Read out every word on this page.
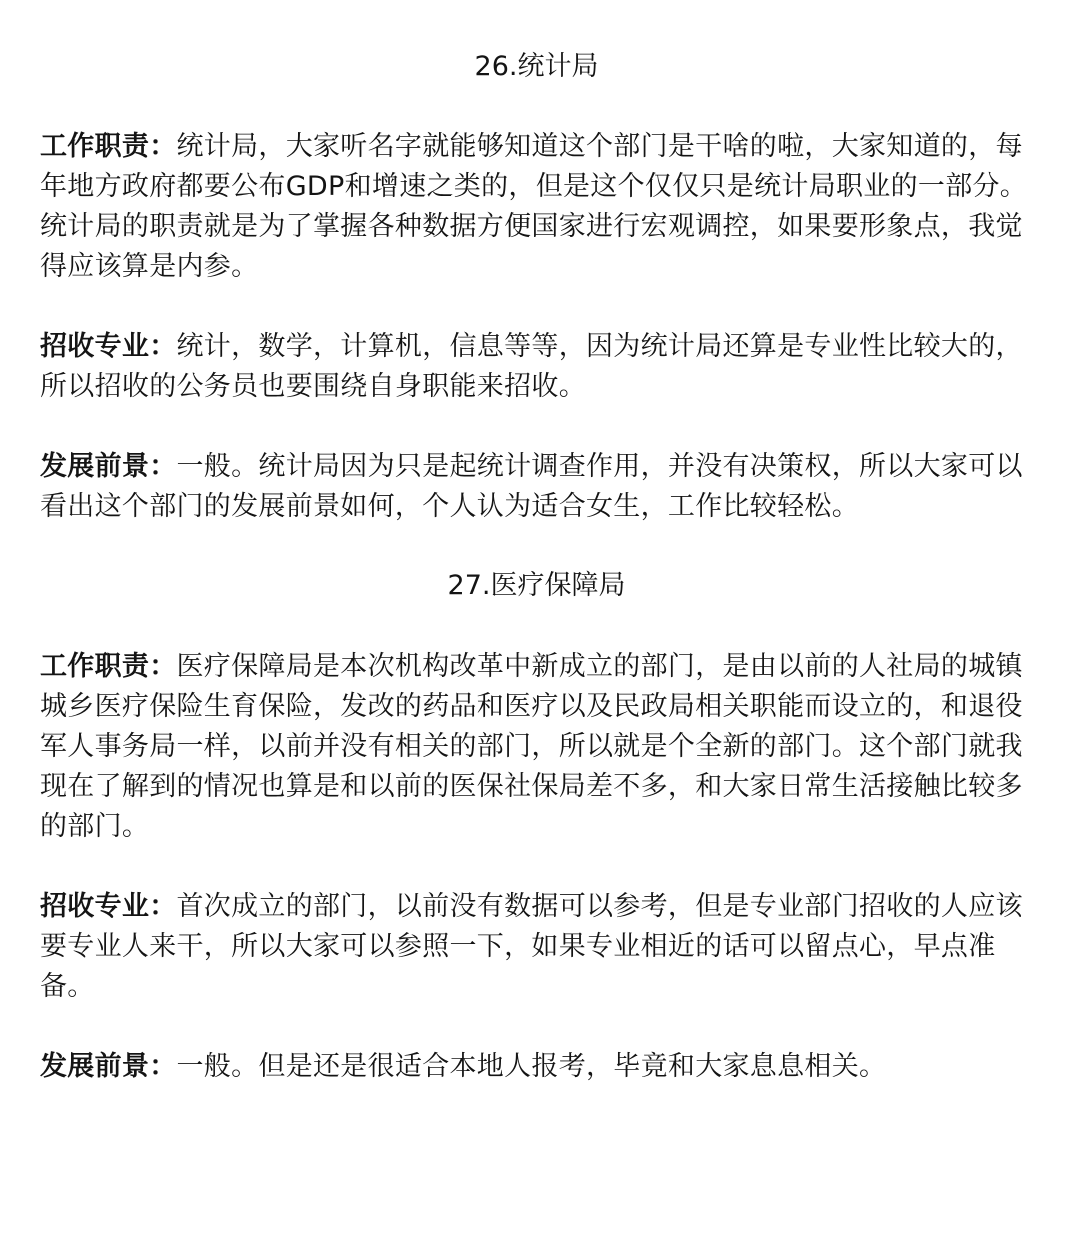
26.统计局

工作职责：统计局，大家听名字就能够知道这个部门是干啥的啦，大家知道的，每年地方政府都要公布GDP和增速之类的，但是这个仅仅只是统计局职业的一部分。统计局的职责就是为了掌握各种数据方便国家进行宏观调控，如果要形象点，我觉得应该算是内参。

招收专业：统计，数学，计算机，信息等等，因为统计局还算是专业性比较大的，所以招收的公务员也要围绕自身职能来招收。

发展前景：一般。统计局因为只是起统计调查作用，并没有决策权，所以大家可以看出这个部门的发展前景如何，个人认为适合女生，工作比较轻松。

27.医疗保障局

工作职责：医疗保障局是本次机构改革中新成立的部门，是由以前的人社局的城镇城乡医疗保险生育保险，发改的药品和医疗以及民政局相关职能而设立的，和退役军人事务局一样，以前并没有相关的部门，所以就是个全新的部门。这个部门就我现在了解到的情况也算是和以前的医保社保局差不多，和大家日常生活接触比较多的部门。

招收专业：首次成立的部门，以前没有数据可以参考，但是专业部门招收的人应该要专业人来干，所以大家可以参照一下，如果专业相近的话可以留点心，早点准备。

发展前景：一般。但是还是很适合本地人报考，毕竟和大家息息相关。
